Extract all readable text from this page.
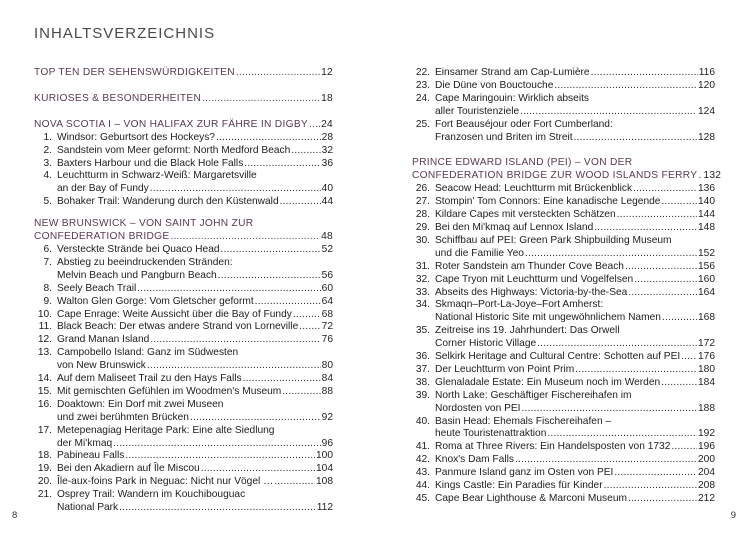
INHALTSVERZEICHNIS
TOP TEN DER SEHENSWÜRDIGKEITEN .....	12
KURIOSES & BESONDERHEITEN .....	18
NOVA SCOTIA I – VON HALIFAX ZUR FÄHRE IN DIGBY ..... 24
1. Windsor: Geburtsort des Hockeys? .....	28
2. Sandstein vom Meer geformt: North Medford Beach .....	32
3. Baxters Harbour und die Black Hole Falls .....	36
4. Leuchtturm in Schwarz-Weiß: Margaretsville
an der Bay of Fundy .....	40
5. Bohaker Trail: Wanderung durch den Küstenwald .....	44
NEW BRUNSWICK – VON SAINT JOHN ZUR
CONFEDERATION BRIDGE .....	48
6. Versteckte Strände bei Quaco Head .....	52
7. Abstieg zu beeindruckenden Stränden:
Melvin Beach und Pangburn Beach .....	56
8. Seely Beach Trail .....	60
9. Walton Glen Gorge: Vom Gletscher geformt .....	64
10. Cape Enrage: Weite Aussicht über die Bay of Fundy .....	68
11. Black Beach: Der etwas andere Strand von Lorneville ..... 72
12. Grand Manan Island .....	76
13. Campobello Island: Ganz im Südwesten
von New Brunswick .....	80
14. Auf dem Maliseet Trail zu den Hays Falls .....	84
15. Mit gemischten Gefühlen im Woodmen's Museum .....	88
16. Doaktown: Ein Dorf mit zwei Museen
und zwei berühmten Brücken .....	92
17. Metepenagiag Heritage Park: Eine alte Siedlung
der Mi'kmaq .....	96
18. Pabineau Falls .....	100
19. Bei den Akadiern auf Île Miscou .....	104
20. Île-aux-foins Park in Neguac: Nicht nur Vögel … .....	108
21. Osprey Trail: Wandern im Kouchibouguac
National Park .....	112
22. Einsamer Strand am Cap-Lumière .....	116
23. Die Düne von Bouctouche .....	120
24. Cape Maringouin: Wirklich abseits
aller Touristenziele .....	124
25. Fort Beauséjour oder Fort Cumberland:
Franzosen und Briten im Streit .....	128
PRINCE EDWARD ISLAND (PEI) – VON DER
CONFEDERATION BRIDGE ZUR WOOD ISLANDS FERRY ..... 132
26. Seacow Head: Leuchtturm mit Brückenblick .....	136
27. Stompin' Tom Connors: Eine kanadische Legende .....	140
28. Kildare Capes mit versteckten Schätzen .....	144
29. Bei den Mi'kmaq auf Lennox Island .....	148
30. Schiffbau auf PEI: Green Park Shipbuilding Museum
und die Familie Yeo .....	152
31. Roter Sandstein am Thunder Cove Beach .....	156
32. Cape Tryon mit Leuchtturm und Vogelfelsen .....	160
33. Abseits des Highways: Victoria-by-the-Sea .....	164
34. Skmaqn–Port-La-Joye–Fort Amherst:
National Historic Site mit ungewöhnlichem Namen .....	168
35. Zeitreise ins 19. Jahrhundert: Das Orwell
Corner Historic Village .....	172
36. Selkirk Heritage and Cultural Centre: Schotten auf PEI ..... 176
37. Der Leuchtturm von Point Prim .....	180
38. Glenaladale Estate: Ein Museum noch im Werden .....	184
39. North Lake: Geschäftiger Fischereihafen im
Nordosten von PEI .....	188
40. Basin Head: Ehemals Fischereihafen –
heute Touristenattraktion .....	192
41. Roma at Three Rivers: Ein Handelsposten von 1732 .....	196
42. Knox's Dam Falls .....	200
43. Panmure Island ganz im Osten von PEI .....	204
44. Kings Castle: Ein Paradies für Kinder .....	208
45. Cape Bear Lighthouse & Marconi Museum .....	212
8	9
